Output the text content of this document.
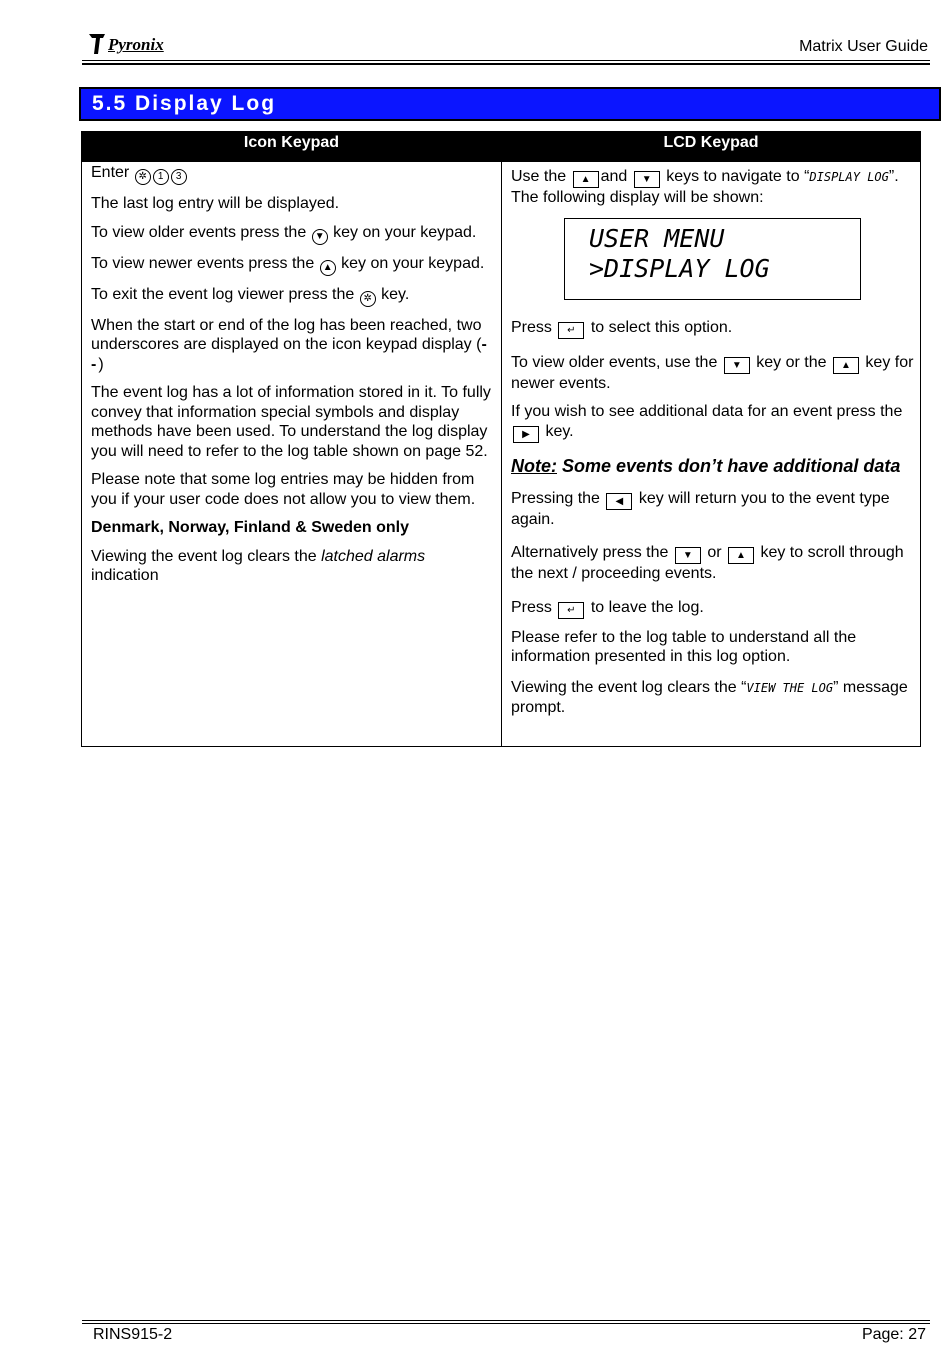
Pyronix	Matrix User Guide
5.5 Display Log
Icon Keypad	LCD Keypad

Enter ✲ 1 3

The last log entry will be displayed.

To view older events press the ▼ key on your keypad.

To view newer events press the ▲ key on your keypad.

To exit the event log viewer press the ✲ key.

When the start or end of the log has been reached, two underscores are displayed on the icon keypad display (- -)

The event log has a lot of information stored in it. To fully convey that information special symbols and display methods have been used. To understand the log display you will need to refer to the log table shown on page 52.

Please note that some log entries may be hidden from you if your user code does not allow you to view them.

Denmark, Norway, Finland & Sweden only

Viewing the event log clears the latched alarms indication

Use the ▲ and ▼ keys to navigate to “DISPLAY LOG”. The following display will be shown:

USER MENU
>DISPLAY LOG

Press ↵ to select this option.

To view older events, use the ▼ key or the ▲ key for newer events.

If you wish to see additional data for an event press the ▶ key.

Note: Some events don’t have additional data

Pressing the ◀ key will return you to the event type again.

Alternatively press the ▼ or ▲ key to scroll through the next / proceeding events.

Press ↵ to leave the log.

Please refer to the log table to understand all the information presented in this log option.

Viewing the event log clears the “VIEW THE LOG” message prompt.

RINS915-2	Page: 27
